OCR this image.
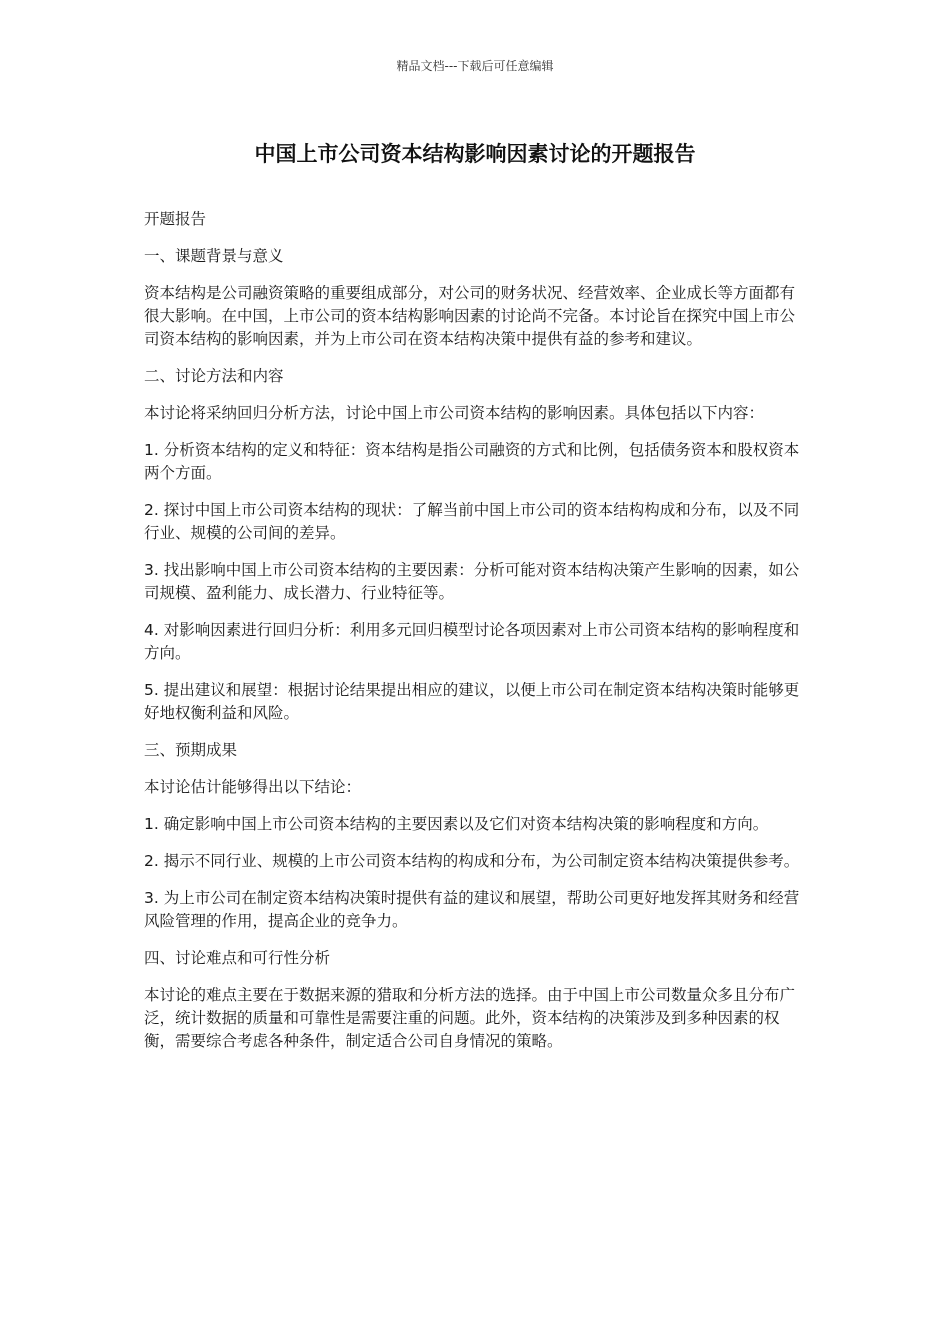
精品文档---下载后可任意编辑
中国上市公司资本结构影响因素讨论的开题报告

开题报告

一、课题背景与意义

资本结构是公司融资策略的重要组成部分，对公司的财务状况、经营效率、企业成长等方面都有很大影响。在中国，上市公司的资本结构影响因素的讨论尚不完备。本讨论旨在探究中国上市公司资本结构的影响因素，并为上市公司在资本结构决策中提供有益的参考和建议。

二、讨论方法和内容

本讨论将采纳回归分析方法，讨论中国上市公司资本结构的影响因素。具体包括以下内容：

1. 分析资本结构的定义和特征：资本结构是指公司融资的方式和比例，包括债务资本和股权资本两个方面。

2. 探讨中国上市公司资本结构的现状：了解当前中国上市公司的资本结构构成和分布，以及不同行业、规模的公司间的差异。

3. 找出影响中国上市公司资本结构的主要因素：分析可能对资本结构决策产生影响的因素，如公司规模、盈利能力、成长潜力、行业特征等。

4. 对影响因素进行回归分析：利用多元回归模型讨论各项因素对上市公司资本结构的影响程度和方向。

5. 提出建议和展望：根据讨论结果提出相应的建议，以便上市公司在制定资本结构决策时能够更好地权衡利益和风险。

三、预期成果

本讨论估计能够得出以下结论：

1. 确定影响中国上市公司资本结构的主要因素以及它们对资本结构决策的影响程度和方向。

2. 揭示不同行业、规模的上市公司资本结构的构成和分布，为公司制定资本结构决策提供参考。

3. 为上市公司在制定资本结构决策时提供有益的建议和展望，帮助公司更好地发挥其财务和经营风险管理的作用，提高企业的竞争力。

四、讨论难点和可行性分析

本讨论的难点主要在于数据来源的猎取和分析方法的选择。由于中国上市公司数量众多且分布广泛，统计数据的质量和可靠性是需要注重的问题。此外，资本结构的决策涉及到多种因素的权衡，需要综合考虑各种条件，制定适合公司自身情况的策略。
